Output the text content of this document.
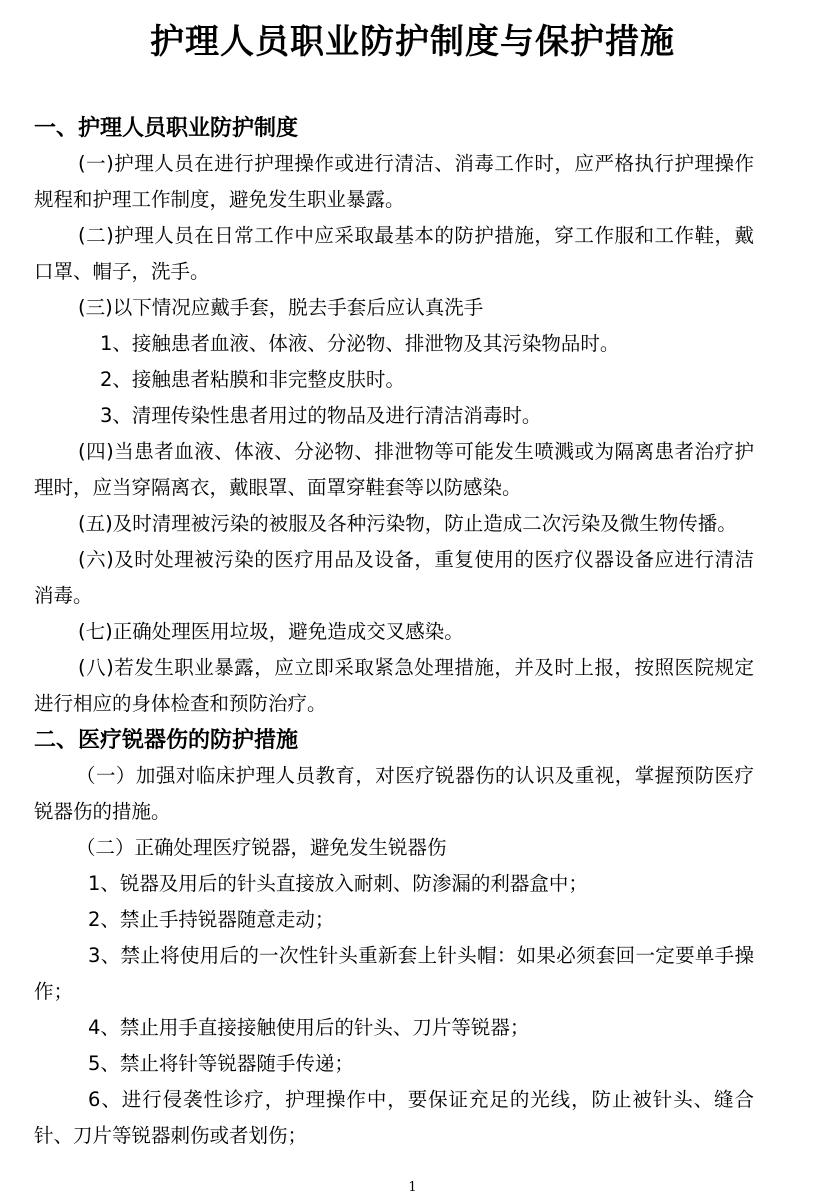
护理人员职业防护制度与保护措施
一、护理人员职业防护制度
(一)护理人员在进行护理操作或进行清洁、消毒工作时，应严格执行护理操作规程和护理工作制度，避免发生职业暴露。
(二)护理人员在日常工作中应采取最基本的防护措施，穿工作服和工作鞋，戴口罩、帽子，洗手。
(三)以下情况应戴手套，脱去手套后应认真洗手
1、接触患者血液、体液、分泌物、排泄物及其污染物品时。
2、接触患者粘膜和非完整皮肤时。
3、清理传染性患者用过的物品及进行清洁消毒时。
(四)当患者血液、体液、分泌物、排泄物等可能发生喷溅或为隔离患者治疗护理时，应当穿隔离衣，戴眼罩、面罩穿鞋套等以防感染。
(五)及时清理被污染的被服及各种污染物，防止造成二次污染及微生物传播。
(六)及时处理被污染的医疗用品及设备，重复使用的医疗仪器设备应进行清洁消毒。
(七)正确处理医用垃圾，避免造成交叉感染。
(八)若发生职业暴露，应立即采取紧急处理措施，并及时上报，按照医院规定进行相应的身体检查和预防治疗。
二、医疗锐器伤的防护措施
（一）加强对临床护理人员教育，对医疗锐器伤的认识及重视，掌握预防医疗锐器伤的措施。
（二）正确处理医疗锐器，避免发生锐器伤
1、锐器及用后的针头直接放入耐刺、防渗漏的利器盒中；
2、禁止手持锐器随意走动；
3、禁止将使用后的一次性针头重新套上针头帽：如果必须套回一定要单手操作；
4、禁止用手直接接触使用后的针头、刀片等锐器；
5、禁止将针等锐器随手传递；
6、进行侵袭性诊疗，护理操作中，要保证充足的光线，防止被针头、缝合针、刀片等锐器刺伤或者划伤；
1
